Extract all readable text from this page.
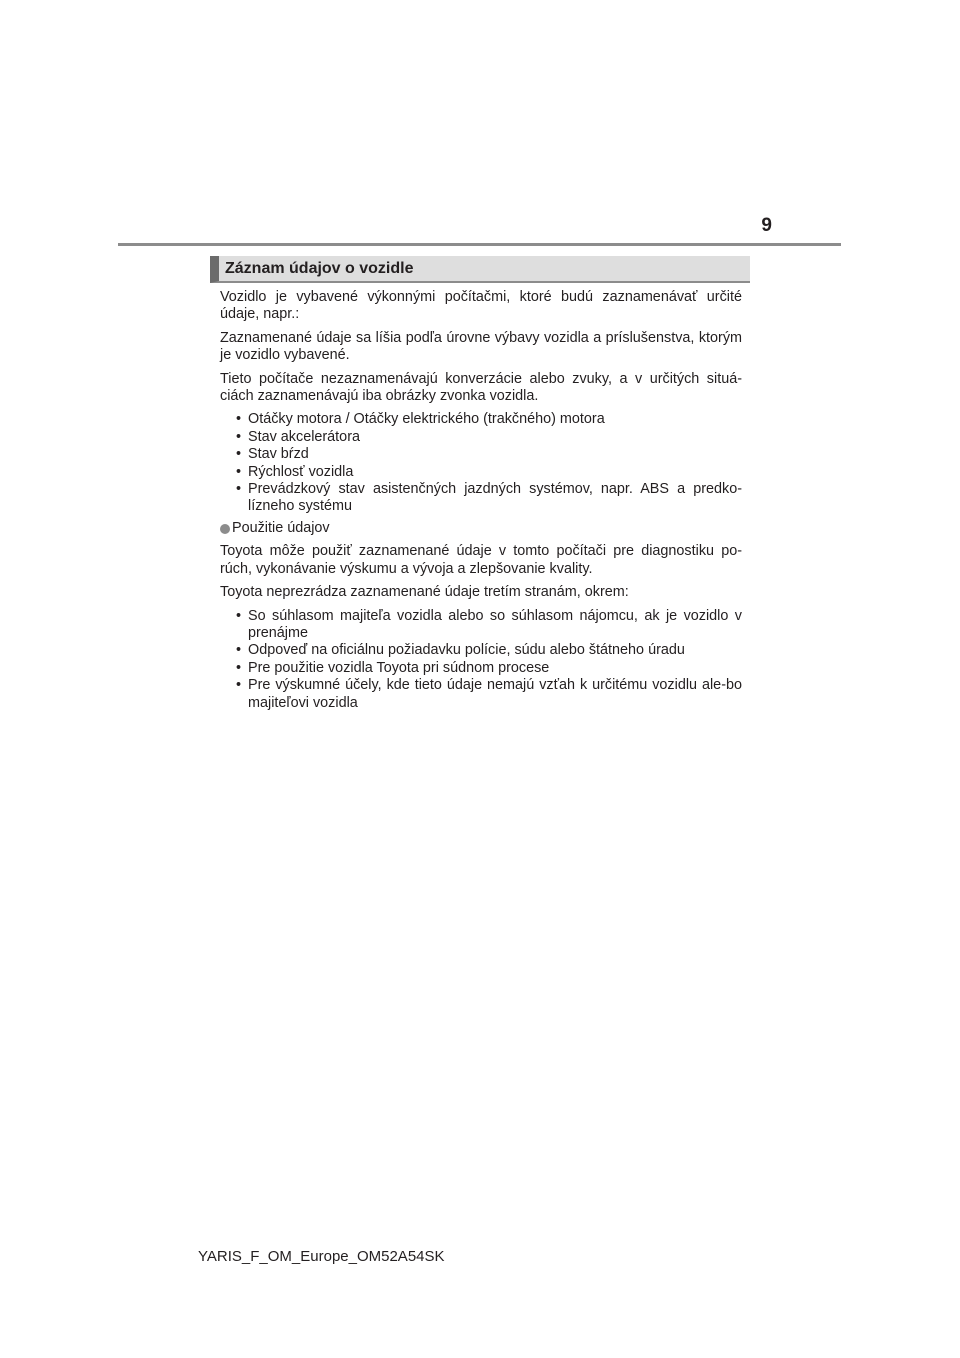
9
Záznam údajov o vozidle

Vozidlo je vybavené výkonnými počítačmi, ktoré budú zaznamenávať určité údaje, napr.:

Zaznamenané údaje sa líšia podľa úrovne výbavy vozidla a príslušenstva, ktorým je vozidlo vybavené.

Tieto počítače nezaznamenávajú konverzácie alebo zvuky, a v určitých situá-ciách zaznamenávajú iba obrázky zvonka vozidla.

• Otáčky motora / Otáčky elektrického (trakčného) motora
• Stav akcelerátora
• Stav bŕzd
• Rýchlosť vozidla
• Prevádzkový stav asistenčných jazdných systémov, napr. ABS a predko-lízneho systému
Použitie údajov

Toyota môže použiť zaznamenané údaje v tomto počítači pre diagnostiku po-rúch, vykonávanie výskumu a vývoja a zlepšovanie kvality.

Toyota neprezrádza zaznamenané údaje tretím stranám, okrem:

• So súhlasom majiteľa vozidla alebo so súhlasom nájomcu, ak je vozidlo v prenájme
• Odpoveď na oficiálnu požiadavku polície, súdu alebo štátneho úradu
• Pre použitie vozidla Toyota pri súdnom procese
• Pre výskumné účely, kde tieto údaje nemajú vzťah k určitému vozidlu ale-bo majiteľovi vozidla
YARIS_F_OM_Europe_OM52A54SK
